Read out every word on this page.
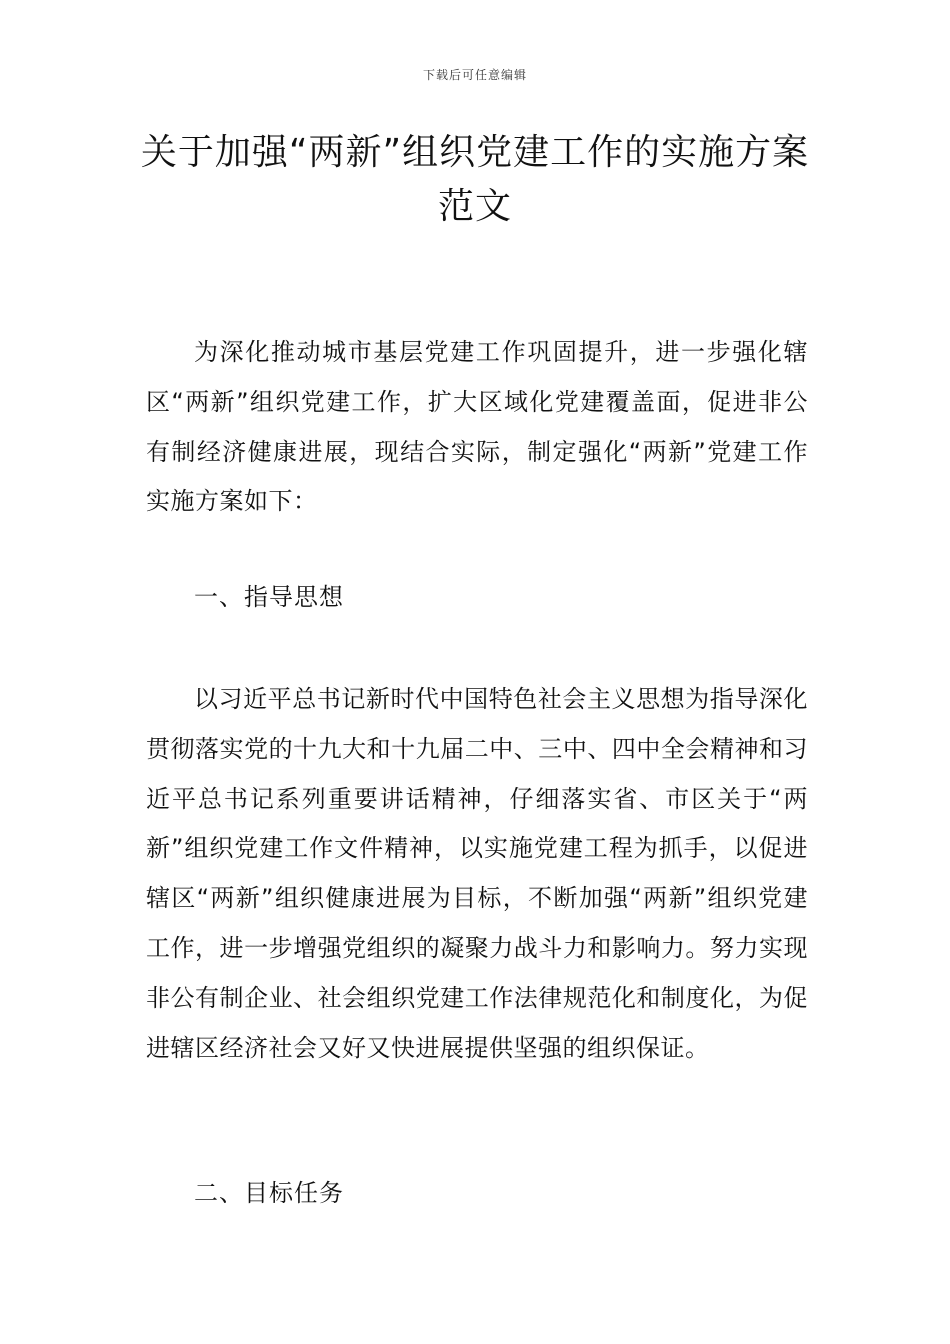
下载后可任意编辑
关于加强“两新”组织党建工作的实施方案范文

为深化推动城市基层党建工作巩固提升，进一步强化辖区“两新”组织党建工作，扩大区域化党建覆盖面，促进非公有制经济健康进展，现结合实际，制定强化“两新”党建工作实施方案如下：

一、指导思想

以习近平总书记新时代中国特色社会主义思想为指导深化贯彻落实党的十九大和十九届二中、三中、四中全会精神和习近平总书记系列重要讲话精神，仔细落实省、市区关于“两新”组织党建工作文件精神，以实施党建工程为抓手，以促进辖区“两新”组织健康进展为目标，不断加强“两新”组织党建工作，进一步增强党组织的凝聚力战斗力和影响力。努力实现非公有制企业、社会组织党建工作法律规范化和制度化，为促进辖区经济社会又好又快进展提供坚强的组织保证。

二、目标任务
